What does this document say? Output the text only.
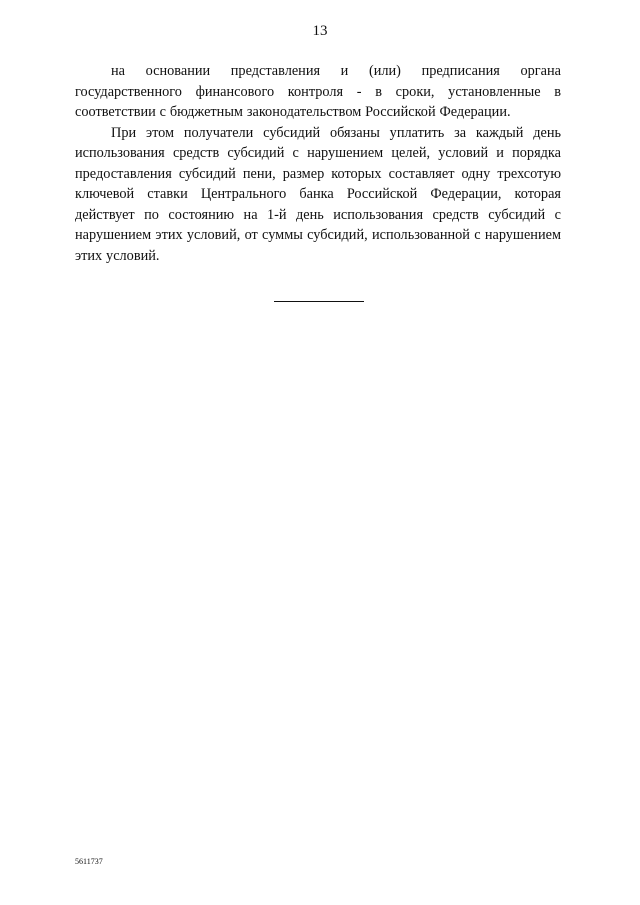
13

на основании представления и (или) предписания органа государственного финансового контроля - в сроки, установленные в соответствии с бюджетным законодательством Российской Федерации.

При этом получатели субсидий обязаны уплатить за каждый день использования средств субсидий с нарушением целей, условий и порядка предоставления субсидий пени, размер которых составляет одну трехсотую ключевой ставки Центрального банка Российской Федерации, которая действует по состоянию на 1-й день использования средств субсидий с нарушением этих условий, от суммы субсидий, использованной с нарушением этих условий.

5611737
